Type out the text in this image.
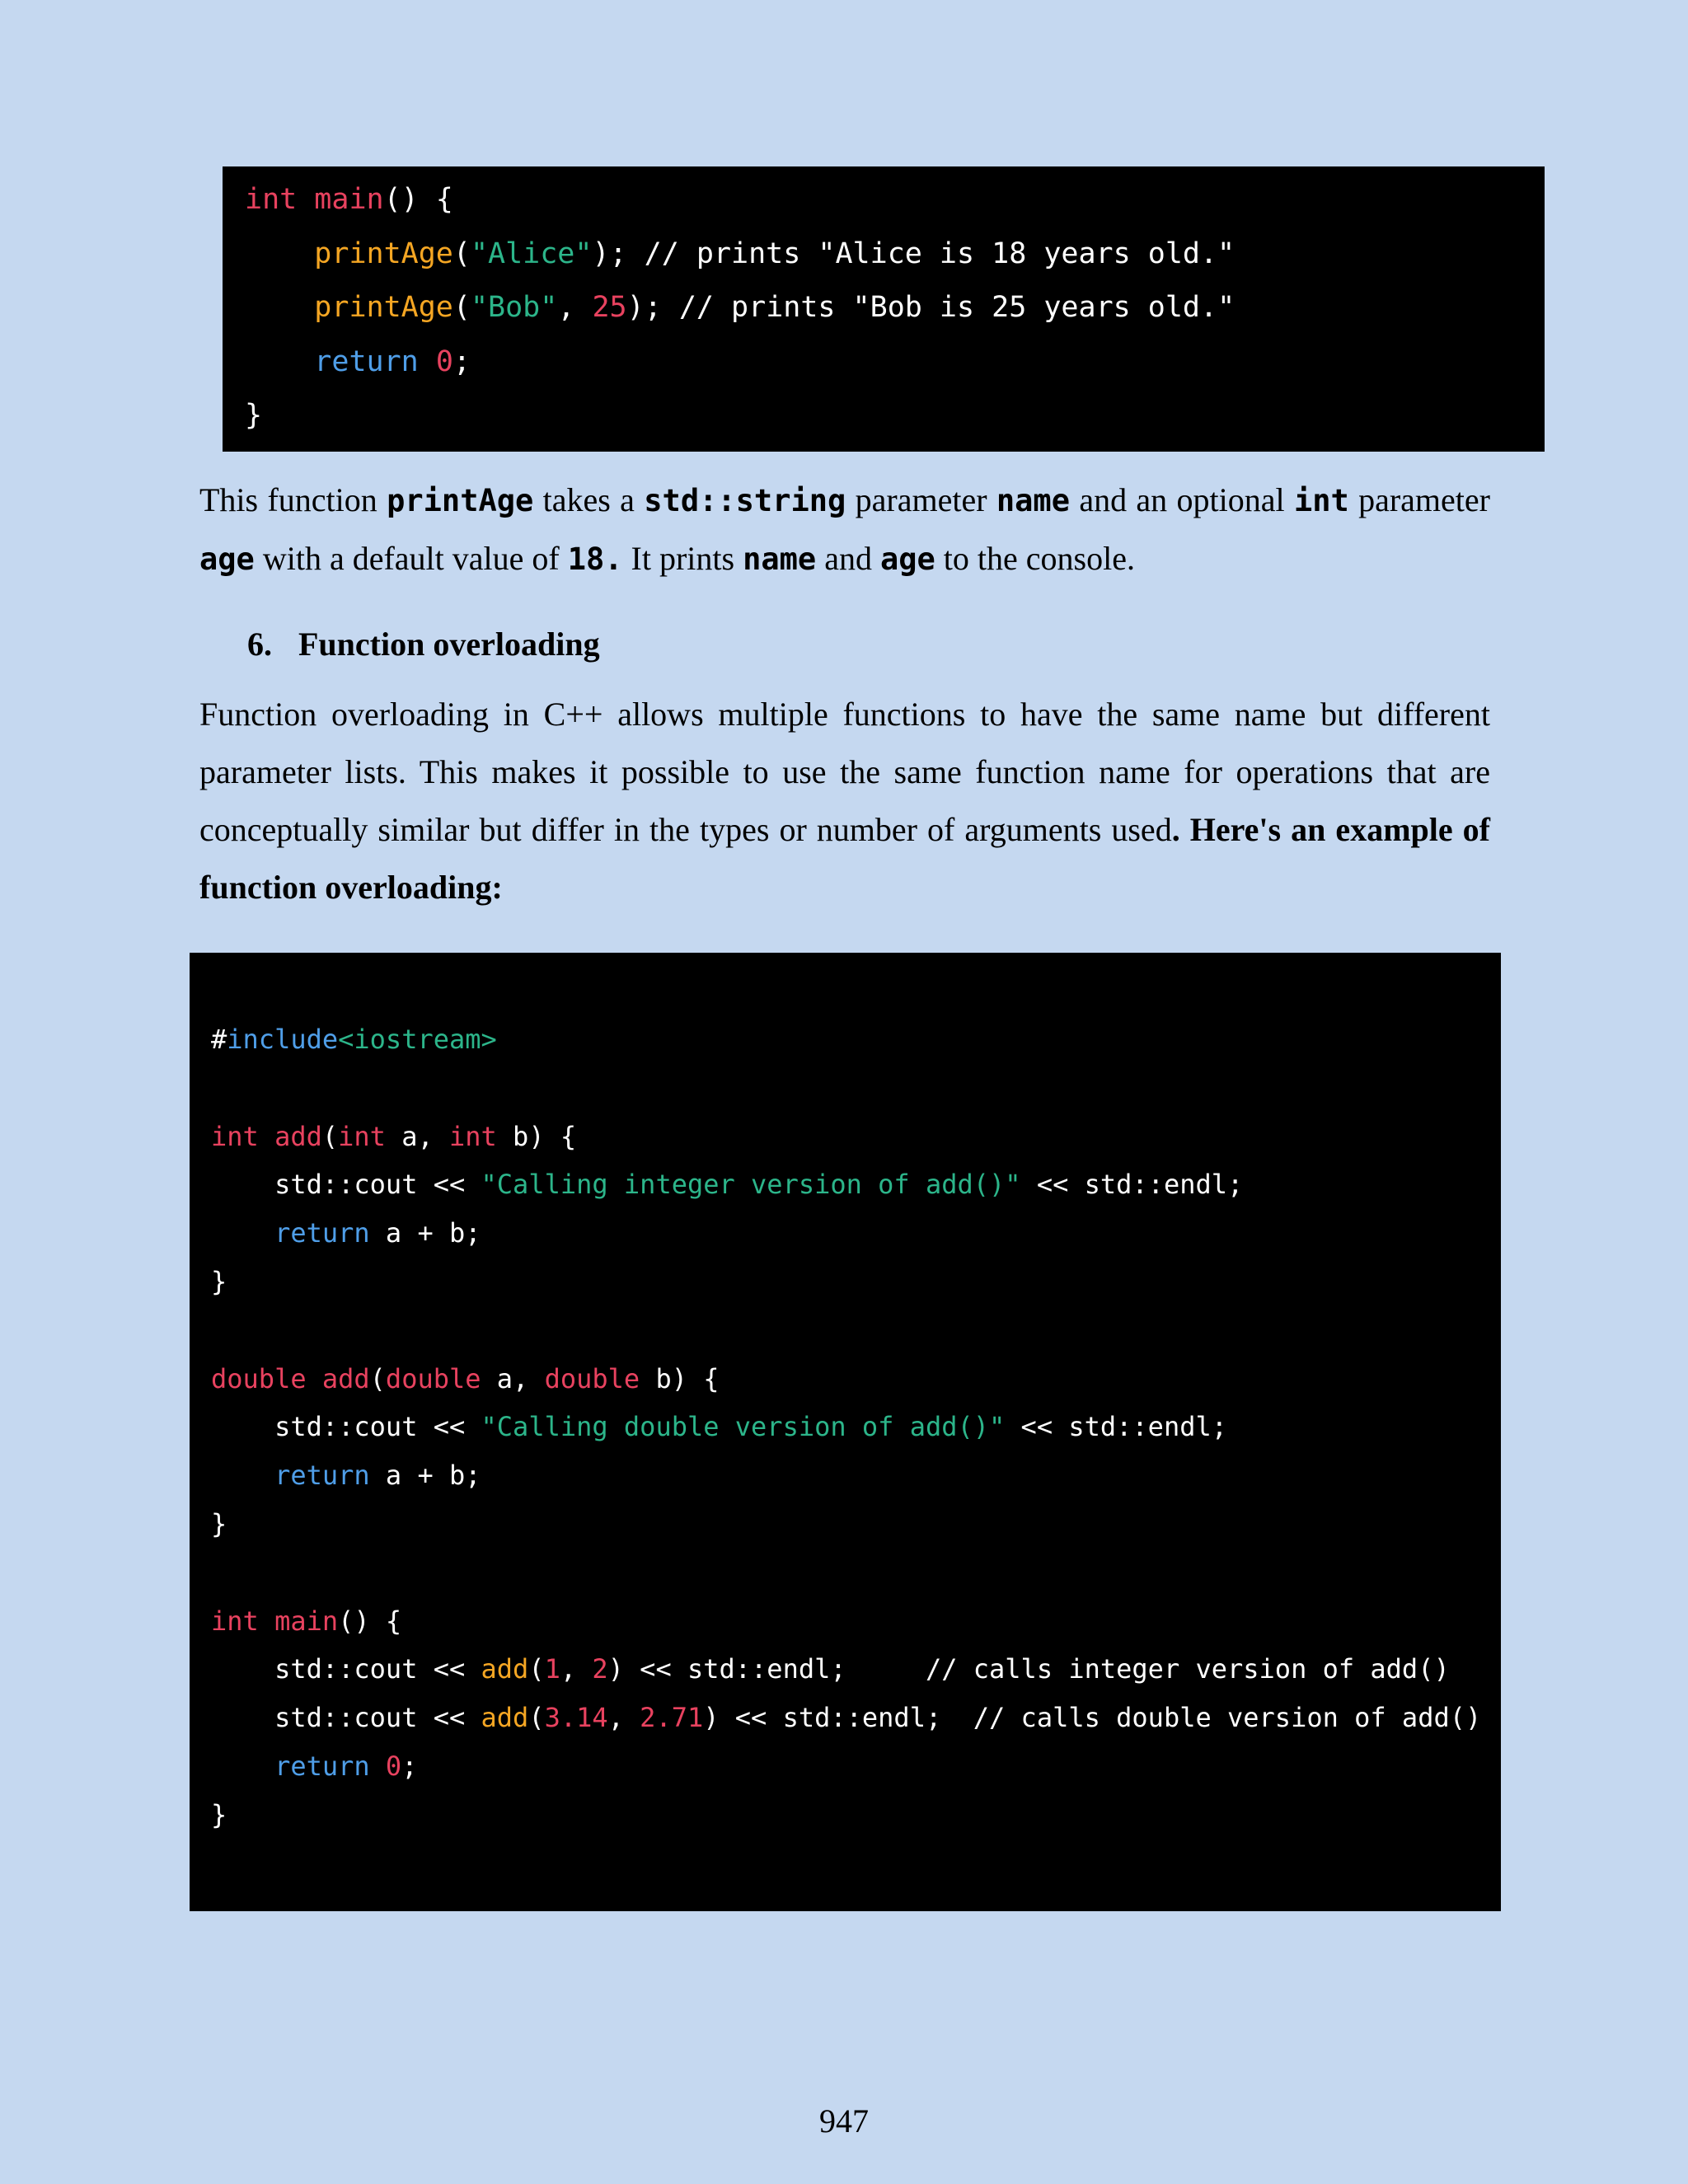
int main() {
printAge("Alice"); // prints "Alice is 18 years old."
printAge("Bob", 25); // prints "Bob is 25 years old."
return 0;
}
This function printAge takes a std::string parameter name and an optional int parameter age with a default value of 18. It prints name and age to the console.
6. Function overloading
Function overloading in C++ allows multiple functions to have the same name but different parameter lists. This makes it possible to use the same function name for operations that are conceptually similar but differ in the types or number of arguments used. Here's an example of function overloading:
#include<iostream>
int add(int a, int b) {
std::cout << "Calling integer version of add()" << std::endl;
return a + b;
}
double add(double a, double b) {
std::cout << "Calling double version of add()" << std::endl;
return a + b;
}
int main() {
std::cout << add(1, 2) << std::endl;     // calls integer version of add()
std::cout << add(3.14, 2.71) << std::endl;  // calls double version of add()
return 0;
}
947
